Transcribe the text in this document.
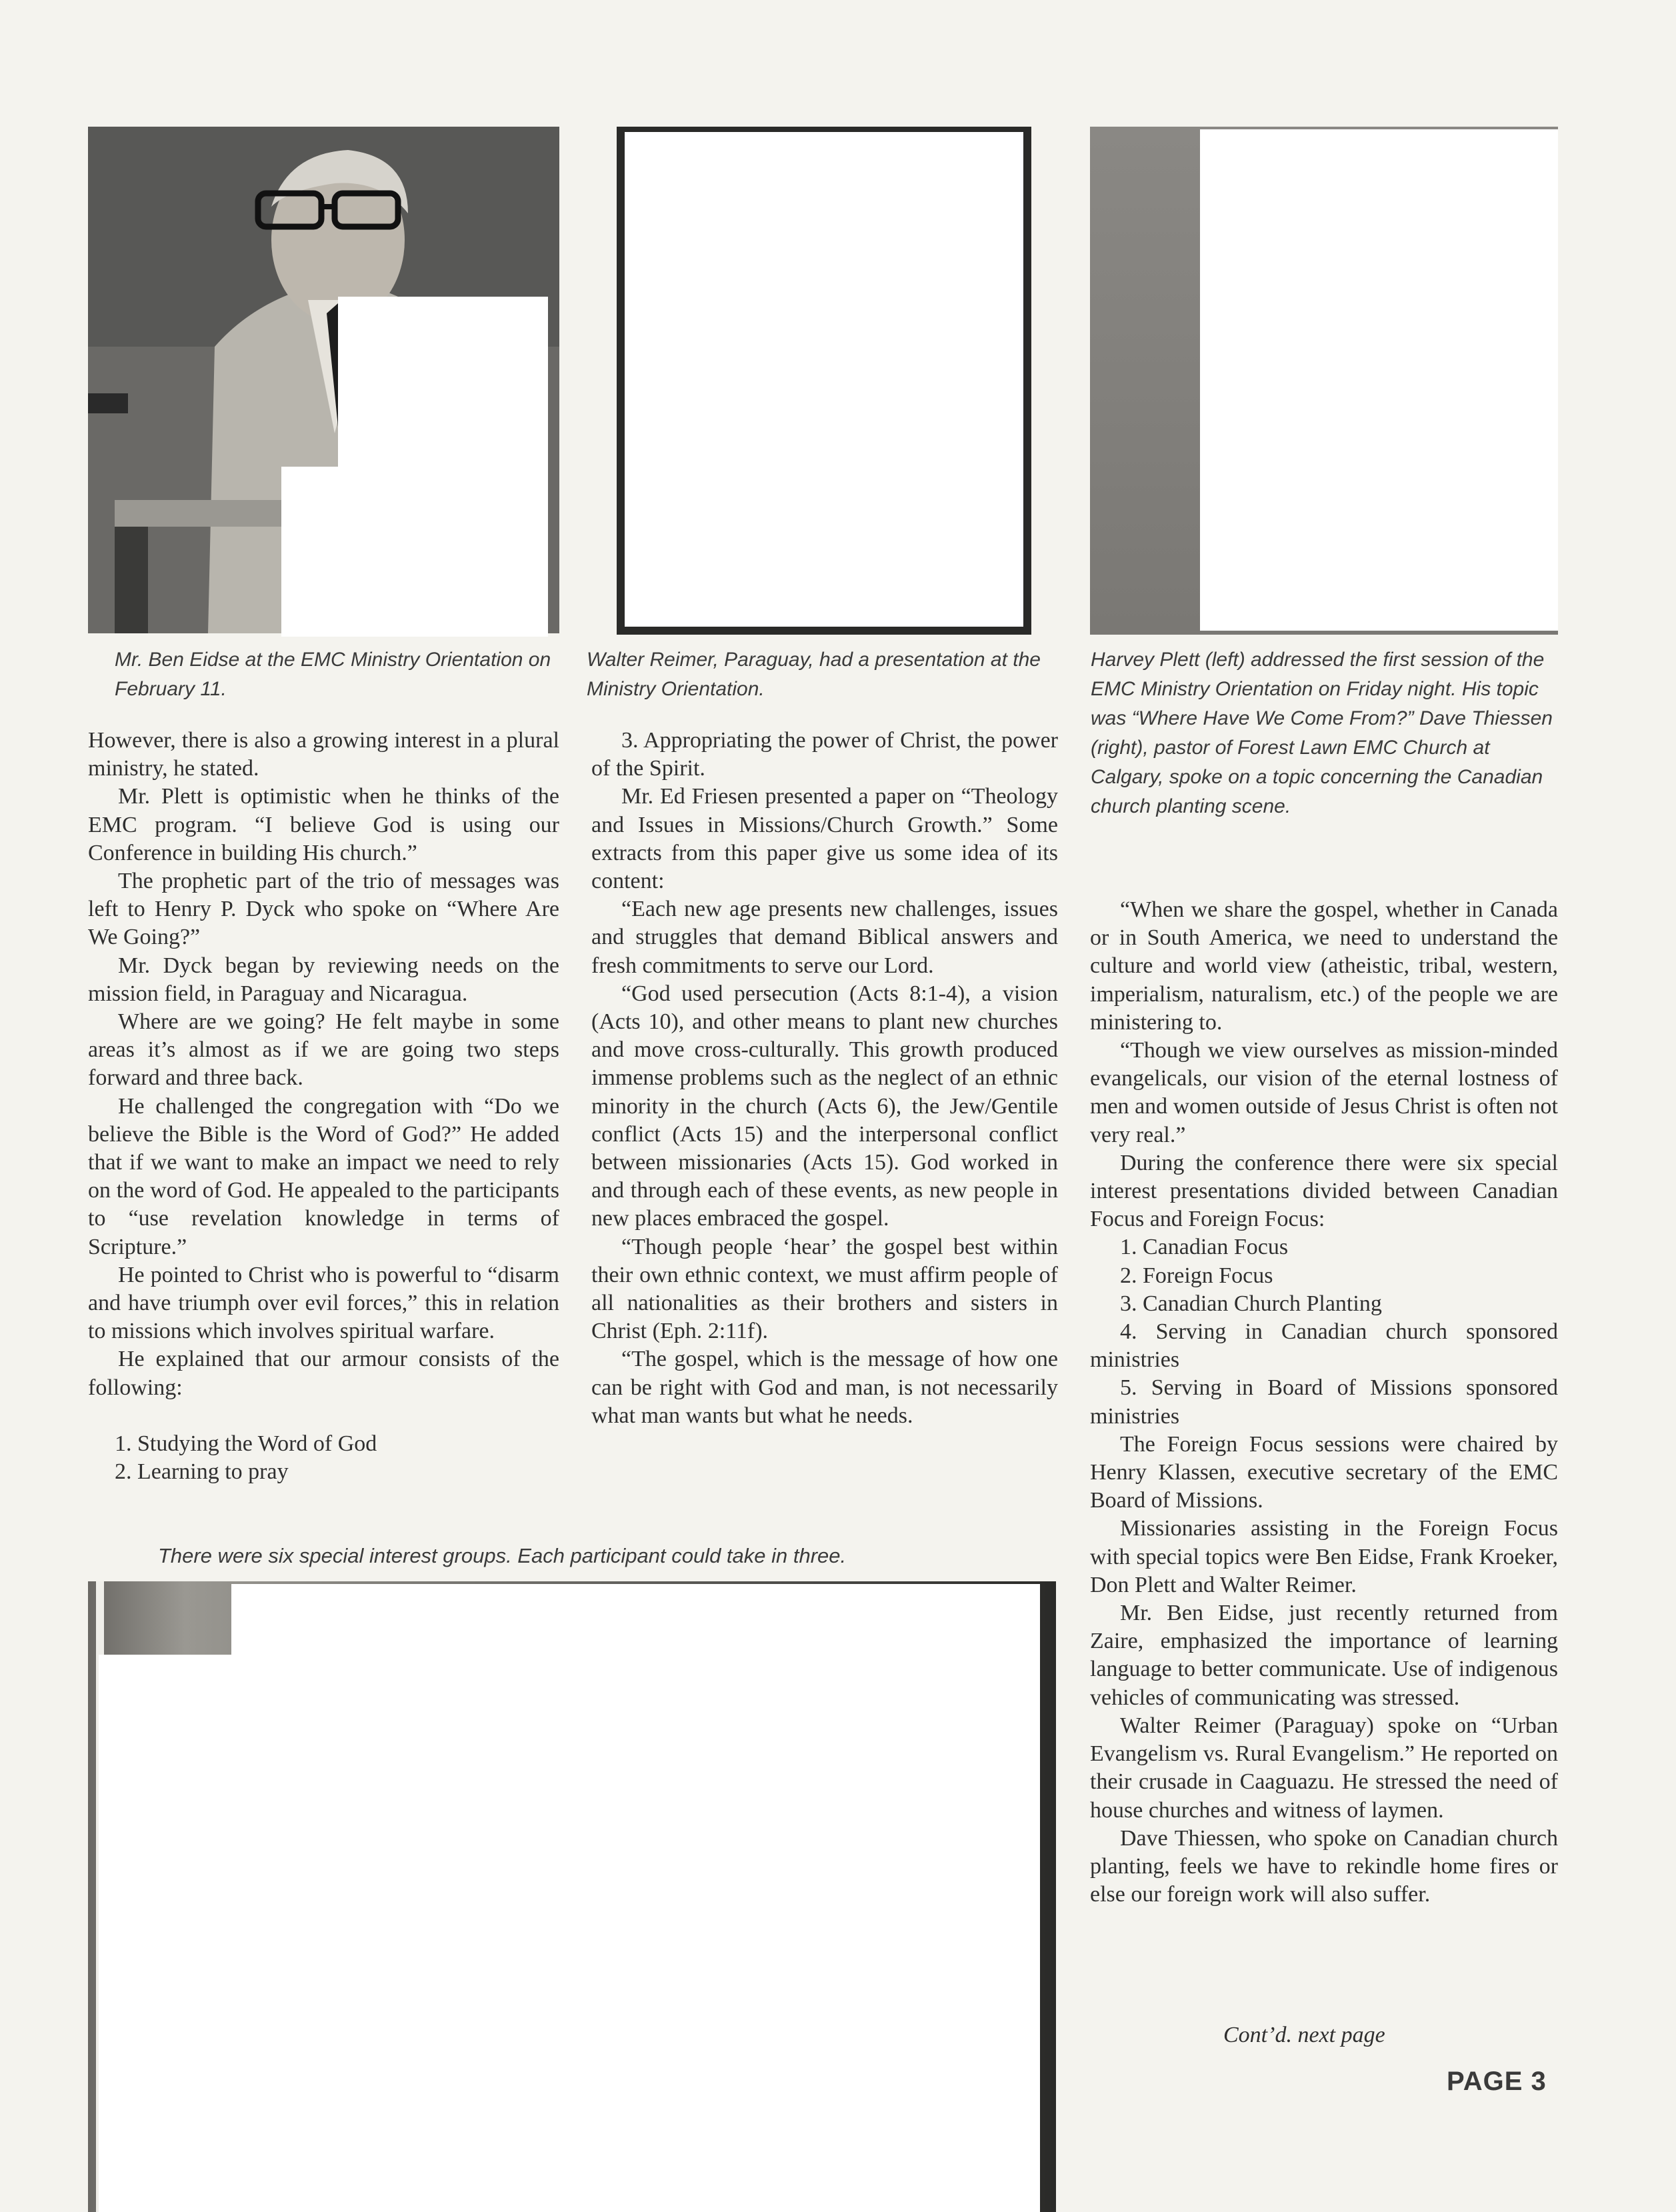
Mr. Ben Eidse at the EMC Ministry Orientation on February 11.
Walter Reimer, Paraguay, had a presentation at the Ministry Orientation.
Harvey Plett (left) addressed the first session of the EMC Ministry Orientation on Friday night. His topic was “Where Have We Come From?” Dave Thiessen (right), pastor of Forest Lawn EMC Church at Calgary, spoke on a topic concerning the Canadian church planting scene.

However, there is also a growing interest in a plural ministry, he stated.

Mr. Plett is optimistic when he thinks of the EMC program. “I believe God is using our Conference in building His church.”

The prophetic part of the trio of messages was left to Henry P. Dyck who spoke on “Where Are We Going?”

Mr. Dyck began by reviewing needs on the mission field, in Paraguay and Nicaragua.

Where are we going? He felt maybe in some areas it’s almost as if we are going two steps forward and three back.

He challenged the congregation with “Do we believe the Bible is the Word of God?” He added that if we want to make an impact we need to rely on the word of God. He appealed to the participants to “use revelation knowledge in terms of Scripture.”

He pointed to Christ who is powerful to “disarm and have triumph over evil forces,” this in relation to missions which involves spiritual warfare.

He explained that our armour consists of the following:

1. Studying the Word of God

2. Learning to pray

3. Appropriating the power of Christ, the power of the Spirit.

Mr. Ed Friesen presented a paper on “Theology and Issues in Missions/Church Growth.” Some extracts from this paper give us some idea of its content:

“Each new age presents new challenges, issues and struggles that demand Biblical answers and fresh commitments to serve our Lord.

“God used persecution (Acts 8:1-4), a vision (Acts 10), and other means to plant new churches and move cross-culturally. This growth produced immense problems such as the neglect of an ethnic minority in the church (Acts 6), the Jew/Gentile conflict (Acts 15) and the interpersonal conflict between missionaries (Acts 15). God worked in and through each of these events, as new people in new places embraced the gospel.

“Though people ‘hear’ the gospel best within their own ethnic context, we must affirm people of all nationalities as their brothers and sisters in Christ (Eph. 2:11f).

“The gospel, which is the message of how one can be right with God and man, is not necessarily what man wants but what he needs.

“When we share the gospel, whether in Canada or in South America, we need to understand the culture and world view (atheistic, tribal, western, imperialism, naturalism, etc.) of the people we are ministering to.

“Though we view ourselves as mission-minded evangelicals, our vision of the eternal lostness of men and women outside of Jesus Christ is often not very real.”

During the conference there were six special interest presentations divided between Canadian Focus and Foreign Focus:

1. Canadian Focus

2. Foreign Focus

3. Canadian Church Planting

4. Serving in Canadian church sponsored ministries

5. Serving in Board of Missions sponsored ministries

The Foreign Focus sessions were chaired by Henry Klassen, executive secretary of the EMC Board of Missions.

Missionaries assisting in the Foreign Focus with special topics were Ben Eidse, Frank Kroeker, Don Plett and Walter Reimer.

Mr. Ben Eidse, just recently returned from Zaire, emphasized the importance of learning language to better communicate. Use of indigenous vehicles of communicating was stressed.

Walter Reimer (Paraguay) spoke on “Urban Evangelism vs. Rural Evangelism.” He reported on their crusade in Caaguazu. He stressed the need of house churches and witness of laymen.

Dave Thiessen, who spoke on Canadian church planting, feels we have to rekindle home fires or else our foreign work will also suffer.

There were six special interest groups. Each participant could take in three.
Cont’d. next page
PAGE 3
